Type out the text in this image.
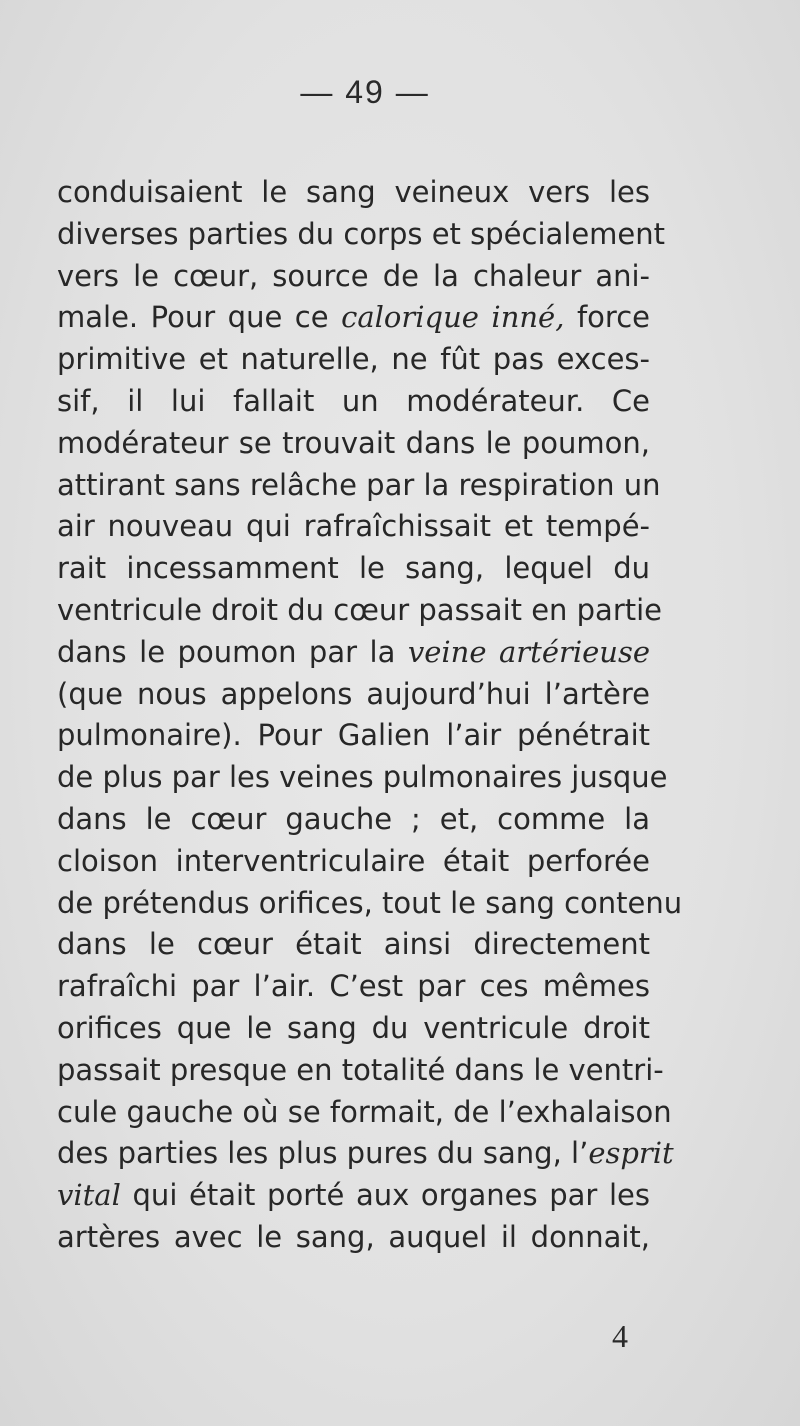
— 49 —
conduisaient le sang veineux vers les
diverses parties du corps et spécialement
vers le cœur, source de la chaleur ani-
male. Pour que ce calorique inné, force
primitive et naturelle, ne fût pas exces-
sif, il lui fallait un modérateur. Ce
modérateur se trouvait dans le poumon,
attirant sans relâche par la respiration un
air nouveau qui rafraîchissait et tempé-
rait incessamment le sang, lequel du
ventricule droit du cœur passait en partie
dans le poumon par la veine artérieuse
(que nous appelons aujourd’hui l’artère
pulmonaire). Pour Galien l’air pénétrait
de plus par les veines pulmonaires jusque
dans le cœur gauche ; et, comme la
cloison interventriculaire était perforée
de prétendus orifices, tout le sang contenu
dans le cœur était ainsi directement
rafraîchi par l’air. C’est par ces mêmes
orifices que le sang du ventricule droit
passait presque en totalité dans le ventri-
cule gauche où se formait, de l’exhalaison
des parties les plus pures du sang, l’esprit
vital qui était porté aux organes par les
artères avec le sang, auquel il donnait,
4
